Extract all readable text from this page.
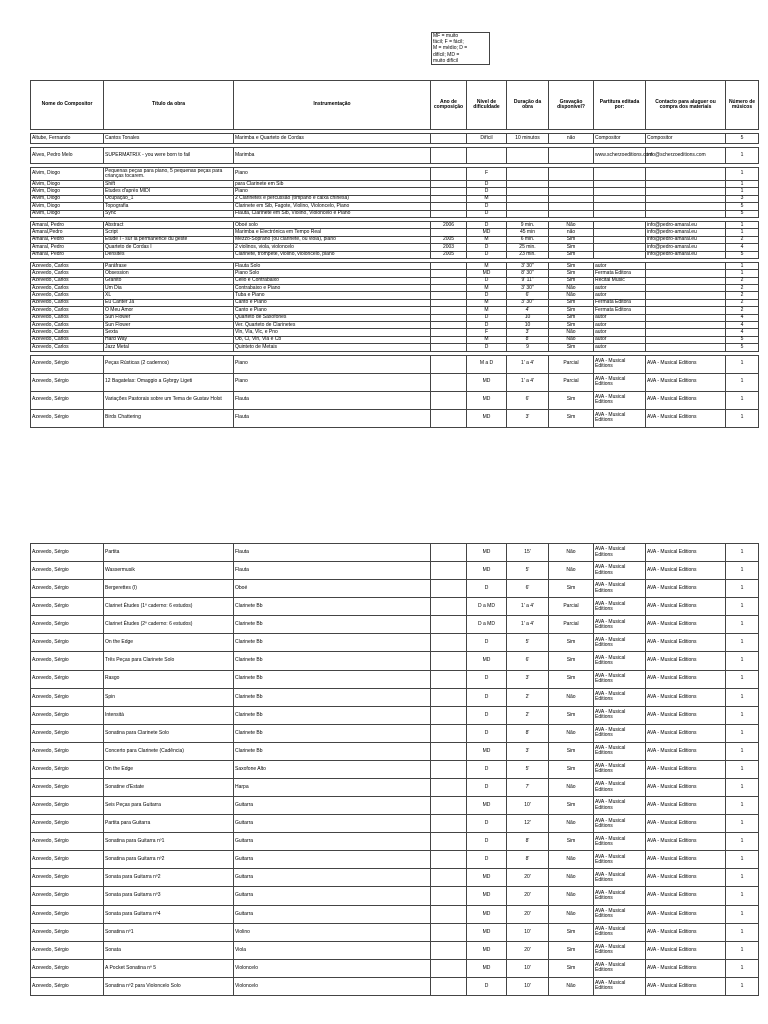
MF = muito
fácil; F = fácil;
M = médio; D =
difícil; MD =
muito difícil
Nome do Compositor	Título da obra	Instrumentação	Ano de composição	Nível de dificuldade	Duração da obra	Gravação disponível?	Partitura editada por:	Contacto para aluguer ou compra dos materiais	Número de músicos

Altube, Fernando	Cantos Tonales	Marimba e Quarteto de Cordas		Difícil	10 minutos	não	Compositor	Compositor	5

Alves, Pedro Melo	SUPERMATRIX - you were born to fail	Marimba					www.scherzoeditions.com	info@scherzoeditions.com	1

Alvim, Diogo	Pequenas peças para piano, 5 pequenas peças para crianças tocarem.	Piano		F					1
Alvim, Diogo	Shift	para Clarinete em Sib		D					1
Alvim, Diogo	Etudes d'après MIDI	Piano		D					1
Alvim, Diogo	Ocupação_1	2 Clarinetes e percussão (tímpano e caixa chinesa)		M					3
Alvim, Diogo	Topografia	Clarinete em Sib, Fagote, Violino, Violoncelo, Piano		D					5
Alvim, Diogo	Sync	Flauta, Clarinete em Sib, Violino, Violoncelo e Piano		D					5

Amaral, Pedro	Abstract	Oboé solo	2006	D	9 min.	Não		info@pedro-amaral.eu	1
Amaral,Pedro	Script	Marimba e Electrónica em Tempo Real		MD	45 min	não		info@pedro-amaral.eu	1
Amaral, Pedro	Etude I - sur la permanence du geste	Mezzo-Soprano (ou clarinete, ou viola), piano	2005	M	6 min.	Sim		info@pedro-amaral.eu	2
Amaral, Pedro	Quarteto de Cordas I	2 violinos, viola, violoncelo	2003	D	25 min.	Sim		info@pedro-amaral.eu	4
Amaral, Pedro	Densités	Clarinete, trompete, violino, violoncelo, piano	2005	D	23 min.	Sim		info@pedro-amaral.eu	5

Azevedo, Carlos	Paráfrase	Flauta Solo		M	3' 30"	Sim	autor		1
Azevedo, Carlos	Obsession	Piano Solo		MD	8' 30"	Sim	Fermata Editora		1
Azevedo, Carlos	Granito	Cello e Contrabaixo		D	9' 11"	Sim	Recital Music		2
Azevedo, Carlos	Um Dia	Contrabaixo e Piano		M	3' 30"	Não	autor		2
Azevedo, Carlos	XL	Tuba e Piano		D	6'	Não	autor		2
Azevedo, Carlos	Eu Canter Já	Canto e Piano		M	3' 30"	Sim	Fermata Editora		2
Azevedo, Carlos	O Meu Amor	Canto e Piano		M	4'	Sim	Fermata Editora		2
Azevedo, Carlos	Sun Flower	Quarteto de Saxofones		D	10	Sim	autor		4
Azevedo, Carlos	Sun Flower	Ver. Quarteto de Clarinetes		D	10	Sim	autor		4
Azevedo, Carlos	Sexta	Vln, Vla, Vlc, e Pno		F	3'	Não	autor		4
Azevedo, Carlos	Hard Way	Ob, Cl, Vln, Vla e Cb		M	8'	Não	autor		5
Azevedo, Carlos	Jazz Metal	Quinteto de Metais		D	9	Sim	autor		5

Azevedo, Sérgio	Peças Rústicas (2 cadernos)	Piano		M a D	1' a 4'	Parcial	AVA - Musical Editions	AVA - Musical Editions	1
Azevedo, Sérgio	12 Bagatelas: Omaggio a Gybrgy Ligeti	Piano		MD	1' a 4'	Parcial	AVA - Musical Editions	AVA - Musical Editions	1
Azevedo, Sérgio	Variações Pastorais sobre um Tema de Gustav Holst	Flauta		MD	6'	Sim	AVA - Musical Editions	AVA - Musical Editions	1
Azevedo, Sérgio	Birds Chattering	Flauta		MD	3'	Sim	AVA - Musical Editions	AVA - Musical Editions	1

Azevedo, Sérgio	Partita	Flauta		MD	15'	Não	AVA - Musical Editions	AVA - Musical Editions	1
Azevedo, Sérgio	Wassermusik	Flauta		MD	5'	Não	AVA - Musical Editions	AVA - Musical Editions	1
Azevedo, Sérgio	Bergerettes (I)	Oboé		D	6'	Sim	AVA - Musical Editions	AVA - Musical Editions	1
Azevedo, Sérgio	Clarinet Études (1º caderno: 6 estudos)	Clarinete Bb		D a MD	1' a 4'	Parcial	AVA - Musical Editions	AVA - Musical Editions	1
Azevedo, Sérgio	Clarinet Études (2º caderno: 6 estudos)	Clarinete Bb		D a MD	1' a 4'	Parcial	AVA - Musical Editions	AVA - Musical Editions	1
Azevedo, Sérgio	On the Edge	Clarinete Bb		D	5'	Sim	AVA - Musical Editions	AVA - Musical Editions	1
Azevedo, Sérgio	Três Peças para Clarinete Solo	Clarinete Bb		MD	6'	Sim	AVA - Musical Editions	AVA - Musical Editions	1
Azevedo, Sérgio	Rasgo	Clarinete Bb		D	3'	Sim	AVA - Musical Editions	AVA - Musical Editions	1
Azevedo, Sérgio	Spin	Clarinete Bb		D	2'	Não	AVA - Musical Editions	AVA - Musical Editions	1
Azevedo, Sérgio	Intensità	Clarinete Bb		D	2'	Sim	AVA - Musical Editions	AVA - Musical Editions	1
Azevedo, Sérgio	Sonatina para Clarinete Solo	Clarinete Bb		D	8'	Não	AVA - Musical Editions	AVA - Musical Editions	1
Azevedo, Sérgio	Concerto para Clarinete (Cadência)	Clarinete Bb		MD	3'	Sim	AVA - Musical Editions	AVA - Musical Editions	1
Azevedo, Sérgio	On the Edge	Saxofone Alto		D	5'	Sim	AVA - Musical Editions	AVA - Musical Editions	1
Azevedo, Sérgio	Sonatine d'Estate	Harpa		D	7'	Não	AVA - Musical Editions	AVA - Musical Editions	1
Azevedo, Sérgio	Seis Peças para Guitarra	Guitarra		MD	10'	Sim	AVA - Musical Editions	AVA - Musical Editions	1
Azevedo, Sérgio	Partita para Guitarra	Guitarra		D	12'	Não	AVA - Musical Editions	AVA - Musical Editions	1
Azevedo, Sérgio	Sonatina para Guitarra nº1	Guitarra		D	8'	Sim	AVA - Musical Editions	AVA - Musical Editions	1
Azevedo, Sérgio	Sonatina para Guitarra nº2	Guitarra		D	8'	Não	AVA - Musical Editions	AVA - Musical Editions	1
Azevedo, Sérgio	Sonata para Guitarra nº2	Guitarra		MD	20'	Não	AVA - Musical Editions	AVA - Musical Editions	1
Azevedo, Sérgio	Sonata para Guitarra nº3	Guitarra		MD	20'	Não	AVA - Musical Editions	AVA - Musical Editions	1
Azevedo, Sérgio	Sonata para Guitarra nº4	Guitarra		MD	20'	Não	AVA - Musical Editions	AVA - Musical Editions	1
Azevedo, Sérgio	Sonatina nº1	Violino		MD	10'	Sim	AVA - Musical Editions	AVA - Musical Editions	1
Azevedo, Sérgio	Sonata	Viola		MD	20'	Sim	AVA - Musical Editions	AVA - Musical Editions	1
Azevedo, Sérgio	A Pocket Sonatina nº 5	Violoncelo		MD	10'	Sim	AVA - Musical Editions	AVA - Musical Editions	1
Azevedo, Sérgio	Sonatina nº2 para Violoncelo Solo	Violoncelo		D	10'	Não	AVA - Musical Editions	AVA - Musical Editions	1
